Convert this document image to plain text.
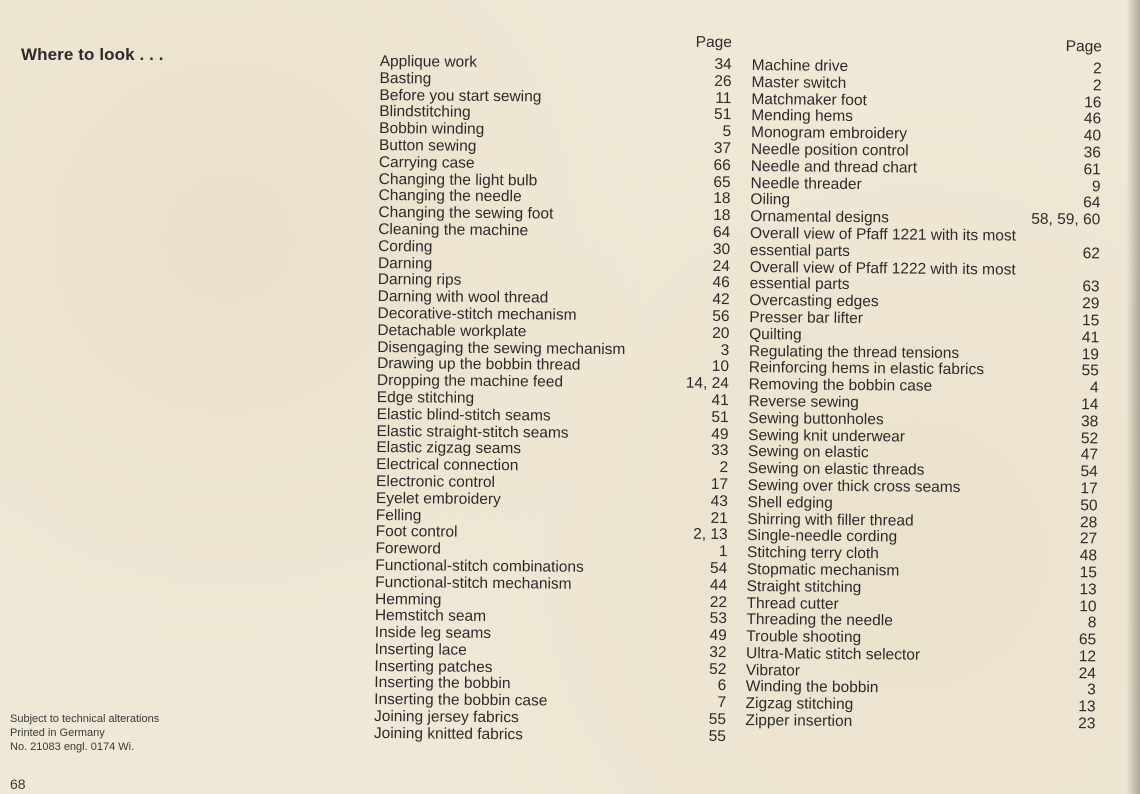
Where to look . . .
Page
Applique work	34
Basting	26
Before you start sewing	11
Blindstitching	51
Bobbin winding	5
Button sewing	37
Carrying case	66
Changing the light bulb	65
Changing the needle	18
Changing the sewing foot	18
Cleaning the machine	64
Cording	30
Darning	24
Darning rips	46
Darning with wool thread	42
Decorative-stitch mechanism	56
Detachable workplate	20
Disengaging the sewing mechanism	3
Drawing up the bobbin thread	10
Dropping the machine feed	14, 24
Edge stitching	41
Elastic blind-stitch seams	51
Elastic straight-stitch seams	49
Elastic zigzag seams	33
Electrical connection	2
Electronic control	17
Eyelet embroidery	43
Felling	21
Foot control	2, 13
Foreword	1
Functional-stitch combinations	54
Functional-stitch mechanism	44
Hemming	22
Hemstitch seam	53
Inside leg seams	49
Inserting lace	32
Inserting patches	52
Inserting the bobbin	6
Inserting the bobbin case	7
Joining jersey fabrics	55
Joining knitted fabrics	55
Page
Machine drive	2
Master switch	2
Matchmaker foot	16
Mending hems	46
Monogram embroidery	40
Needle position control	36
Needle and thread chart	61
Needle threader	9
Oiling	64
Ornamental designs	58, 59, 60
Overall view of Pfaff 1221 with its most
essential parts	62
Overall view of Pfaff 1222 with its most
essential parts	63
Overcasting edges	29
Presser bar lifter	15
Quilting	41
Regulating the thread tensions	19
Reinforcing hems in elastic fabrics	55
Removing the bobbin case	4
Reverse sewing	14
Sewing buttonholes	38
Sewing knit underwear	52
Sewing on elastic	47
Sewing on elastic threads	54
Sewing over thick cross seams	17
Shell edging	50
Shirring with filler thread	28
Single-needle cording	27
Stitching terry cloth	48
Stopmatic mechanism	15
Straight stitching	13
Thread cutter	10
Threading the needle	8
Trouble shooting	65
Ultra-Matic stitch selector	12
Vibrator	24
Winding the bobbin	3
Zigzag stitching	13
Zipper insertion	23
Subject to technical alterations
Printed in Germany
No. 21083 engl. 0174 Wi.
68
